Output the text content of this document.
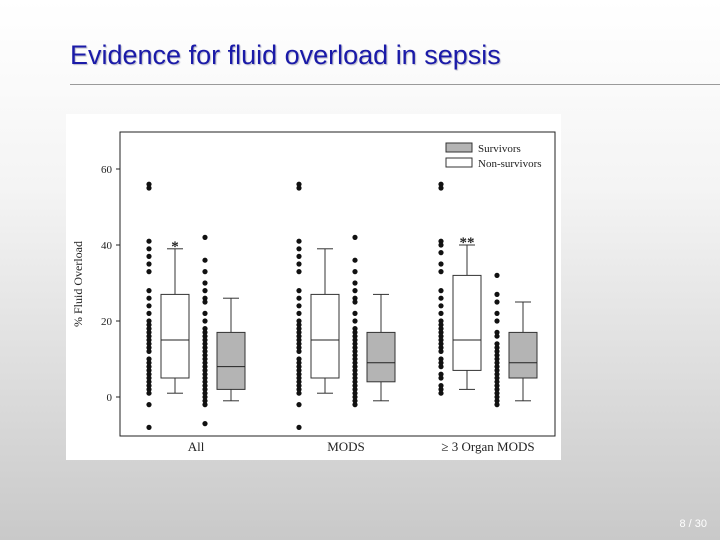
Evidence for fluid overload in sepsis
% Fluid Overload
0
20
40
60
All	MODS	≥ 3 Organ MODS
*	**
Survivors
Non-survivors
8 / 30
